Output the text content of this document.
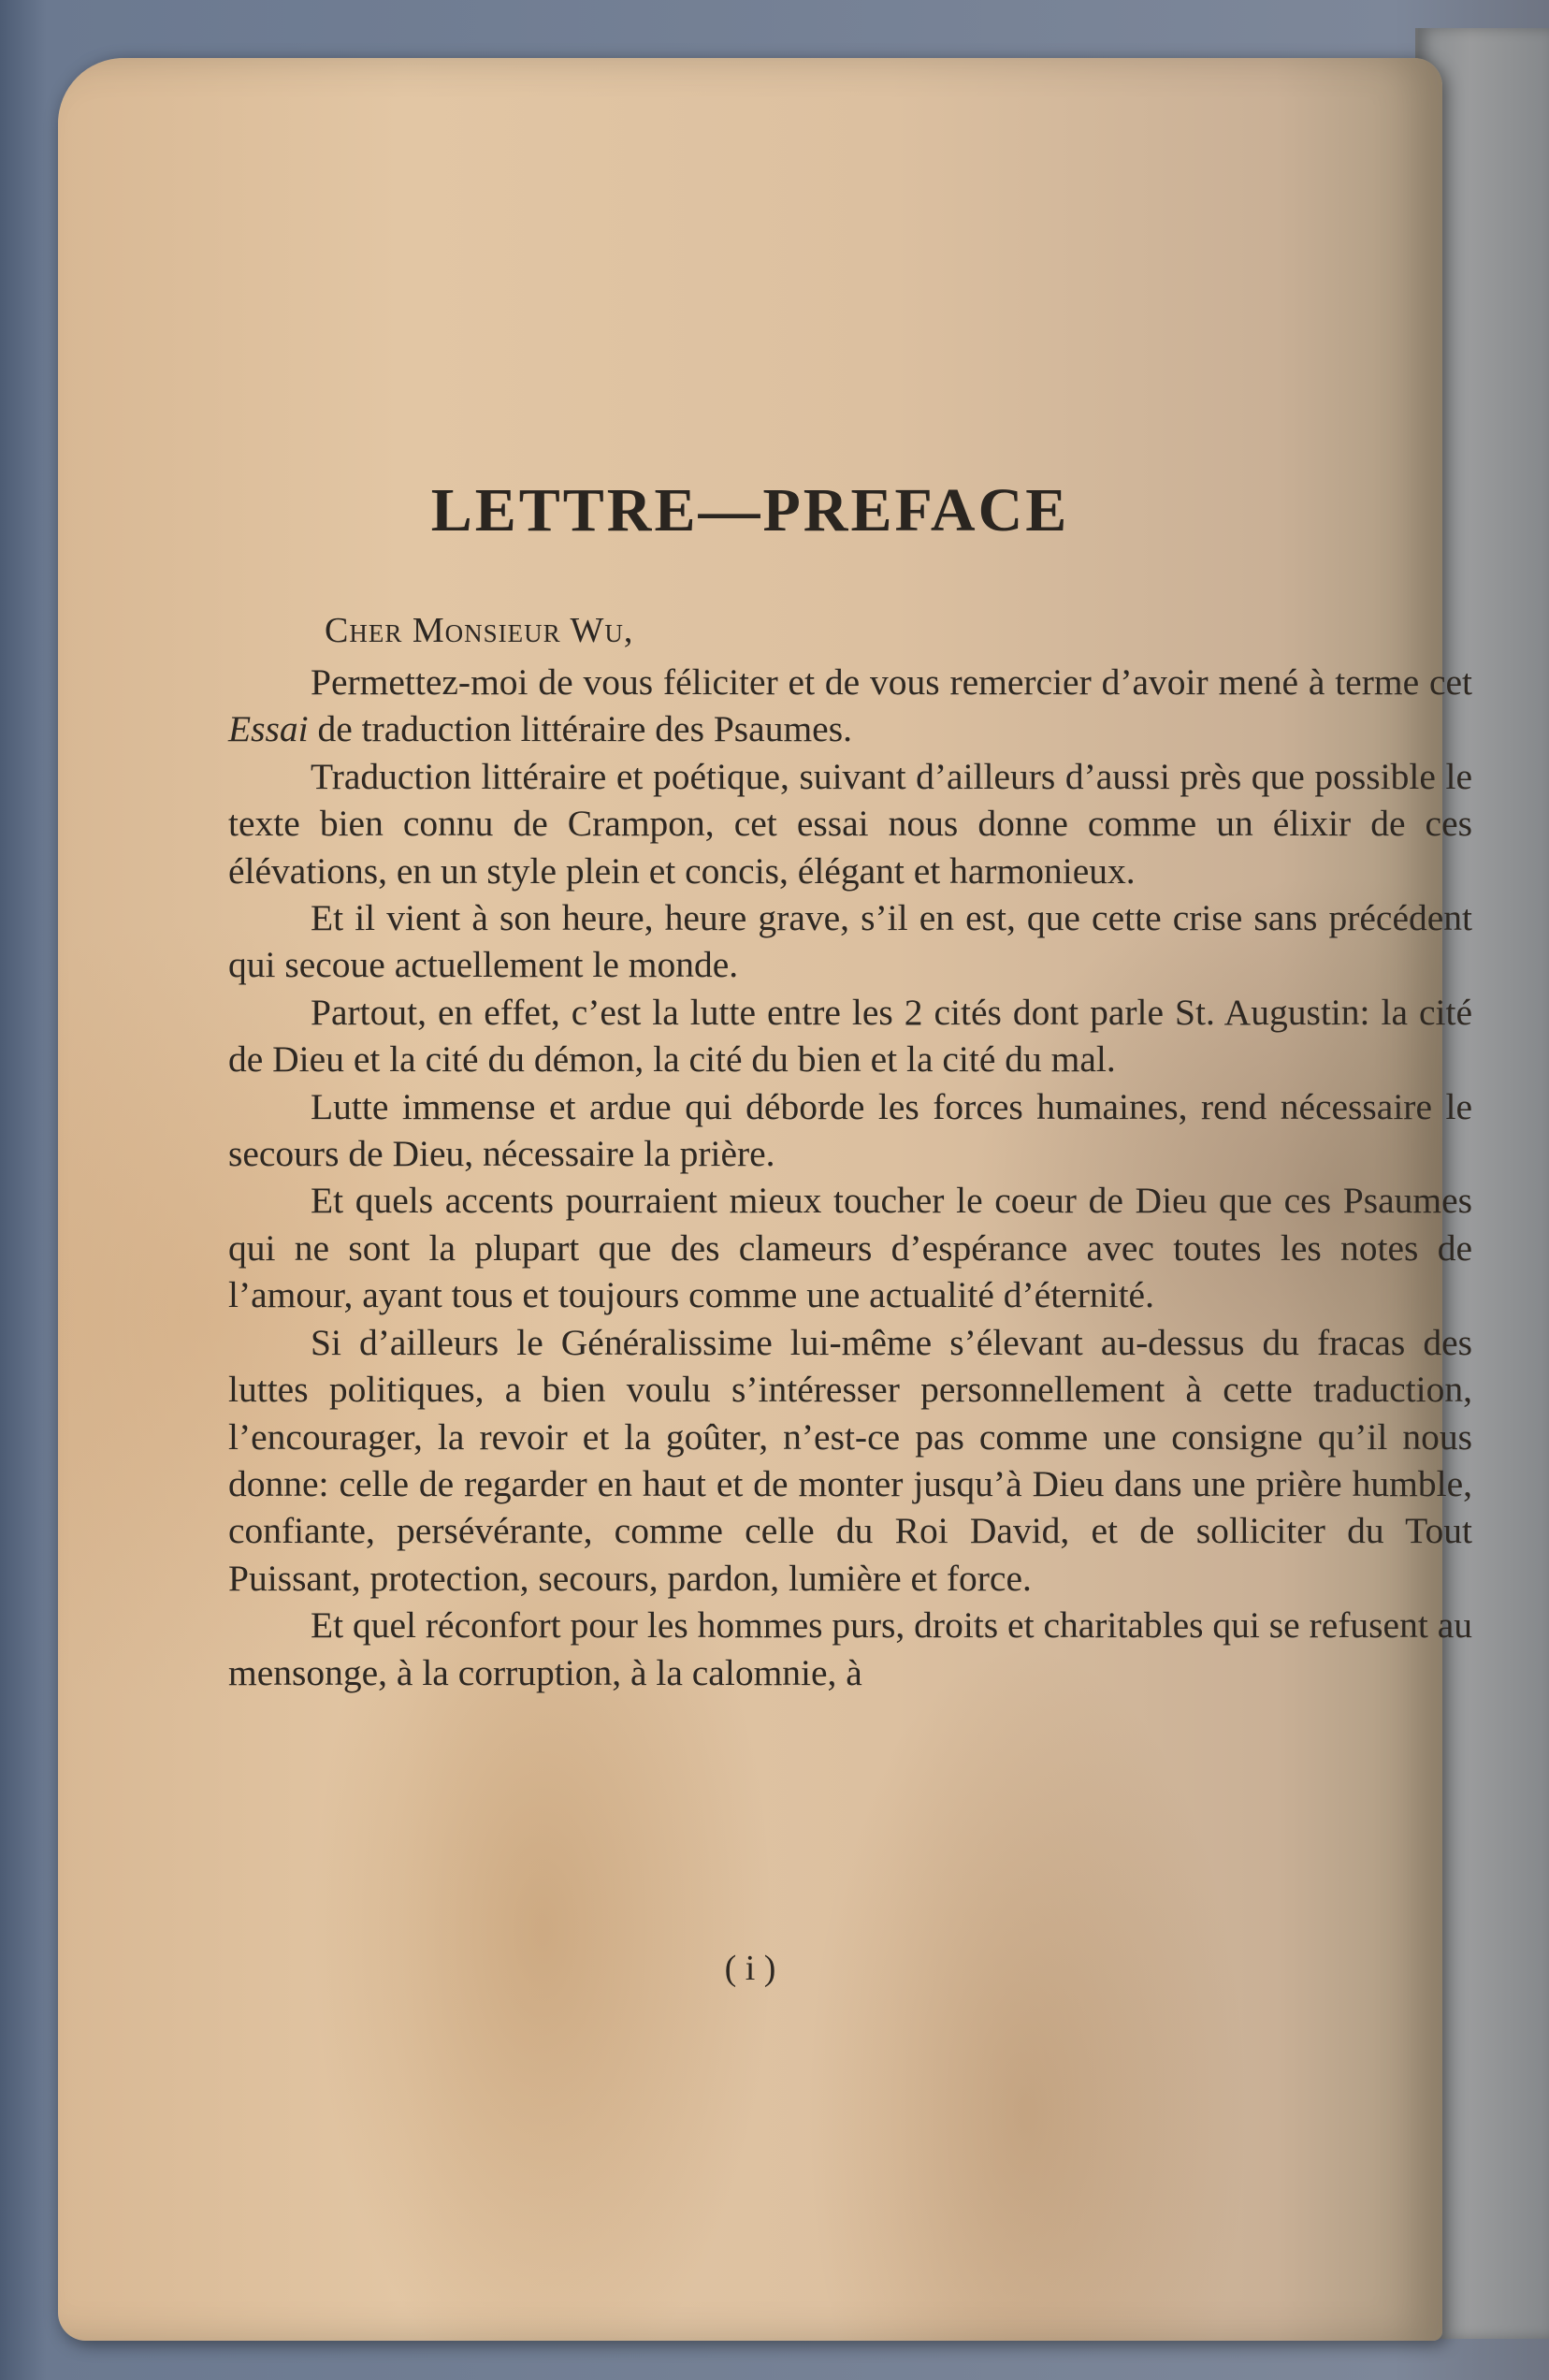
LETTRE—PREFACE

Cher Monsieur Wu,

Permettez-moi de vous féliciter et de vous remercier d’avoir mené à terme cet Essai de traduction littéraire des Psaumes.

Traduction littéraire et poétique, suivant d’ailleurs d’aussi près que possible le texte bien connu de Crampon, cet essai nous donne comme un élixir de ces élévations, en un style plein et concis, élégant et harmonieux.

Et il vient à son heure, heure grave, s’il en est, que cette crise sans précédent qui secoue actuellement le monde.

Partout, en effet, c’est la lutte entre les 2 cités dont parle St. Augustin: la cité de Dieu et la cité du démon, la cité du bien et la cité du mal.

Lutte immense et ardue qui déborde les forces humaines, rend nécessaire le secours de Dieu, nécessaire la prière.

Et quels accents pourraient mieux toucher le coeur de Dieu que ces Psaumes qui ne sont la plupart que des clameurs d’espérance avec toutes les notes de l’amour, ayant tous et toujours comme une actualité d’éternité.

Si d’ailleurs le Généralissime lui-même s’élevant au-dessus du fracas des luttes politiques, a bien voulu s’intéresser personnellement à cette traduction, l’encourager, la revoir et la goûter, n’est-ce pas comme une consigne qu’il nous donne: celle de regarder en haut et de monter jusqu’à Dieu dans une prière humble, confiante, persévérante, comme celle du Roi David, et de solliciter du Tout Puissant, protection, secours, pardon, lumière et force.

Et quel réconfort pour les hommes purs, droits et charitables qui se refusent au mensonge, à la corruption, à la calomnie, à

( i )
